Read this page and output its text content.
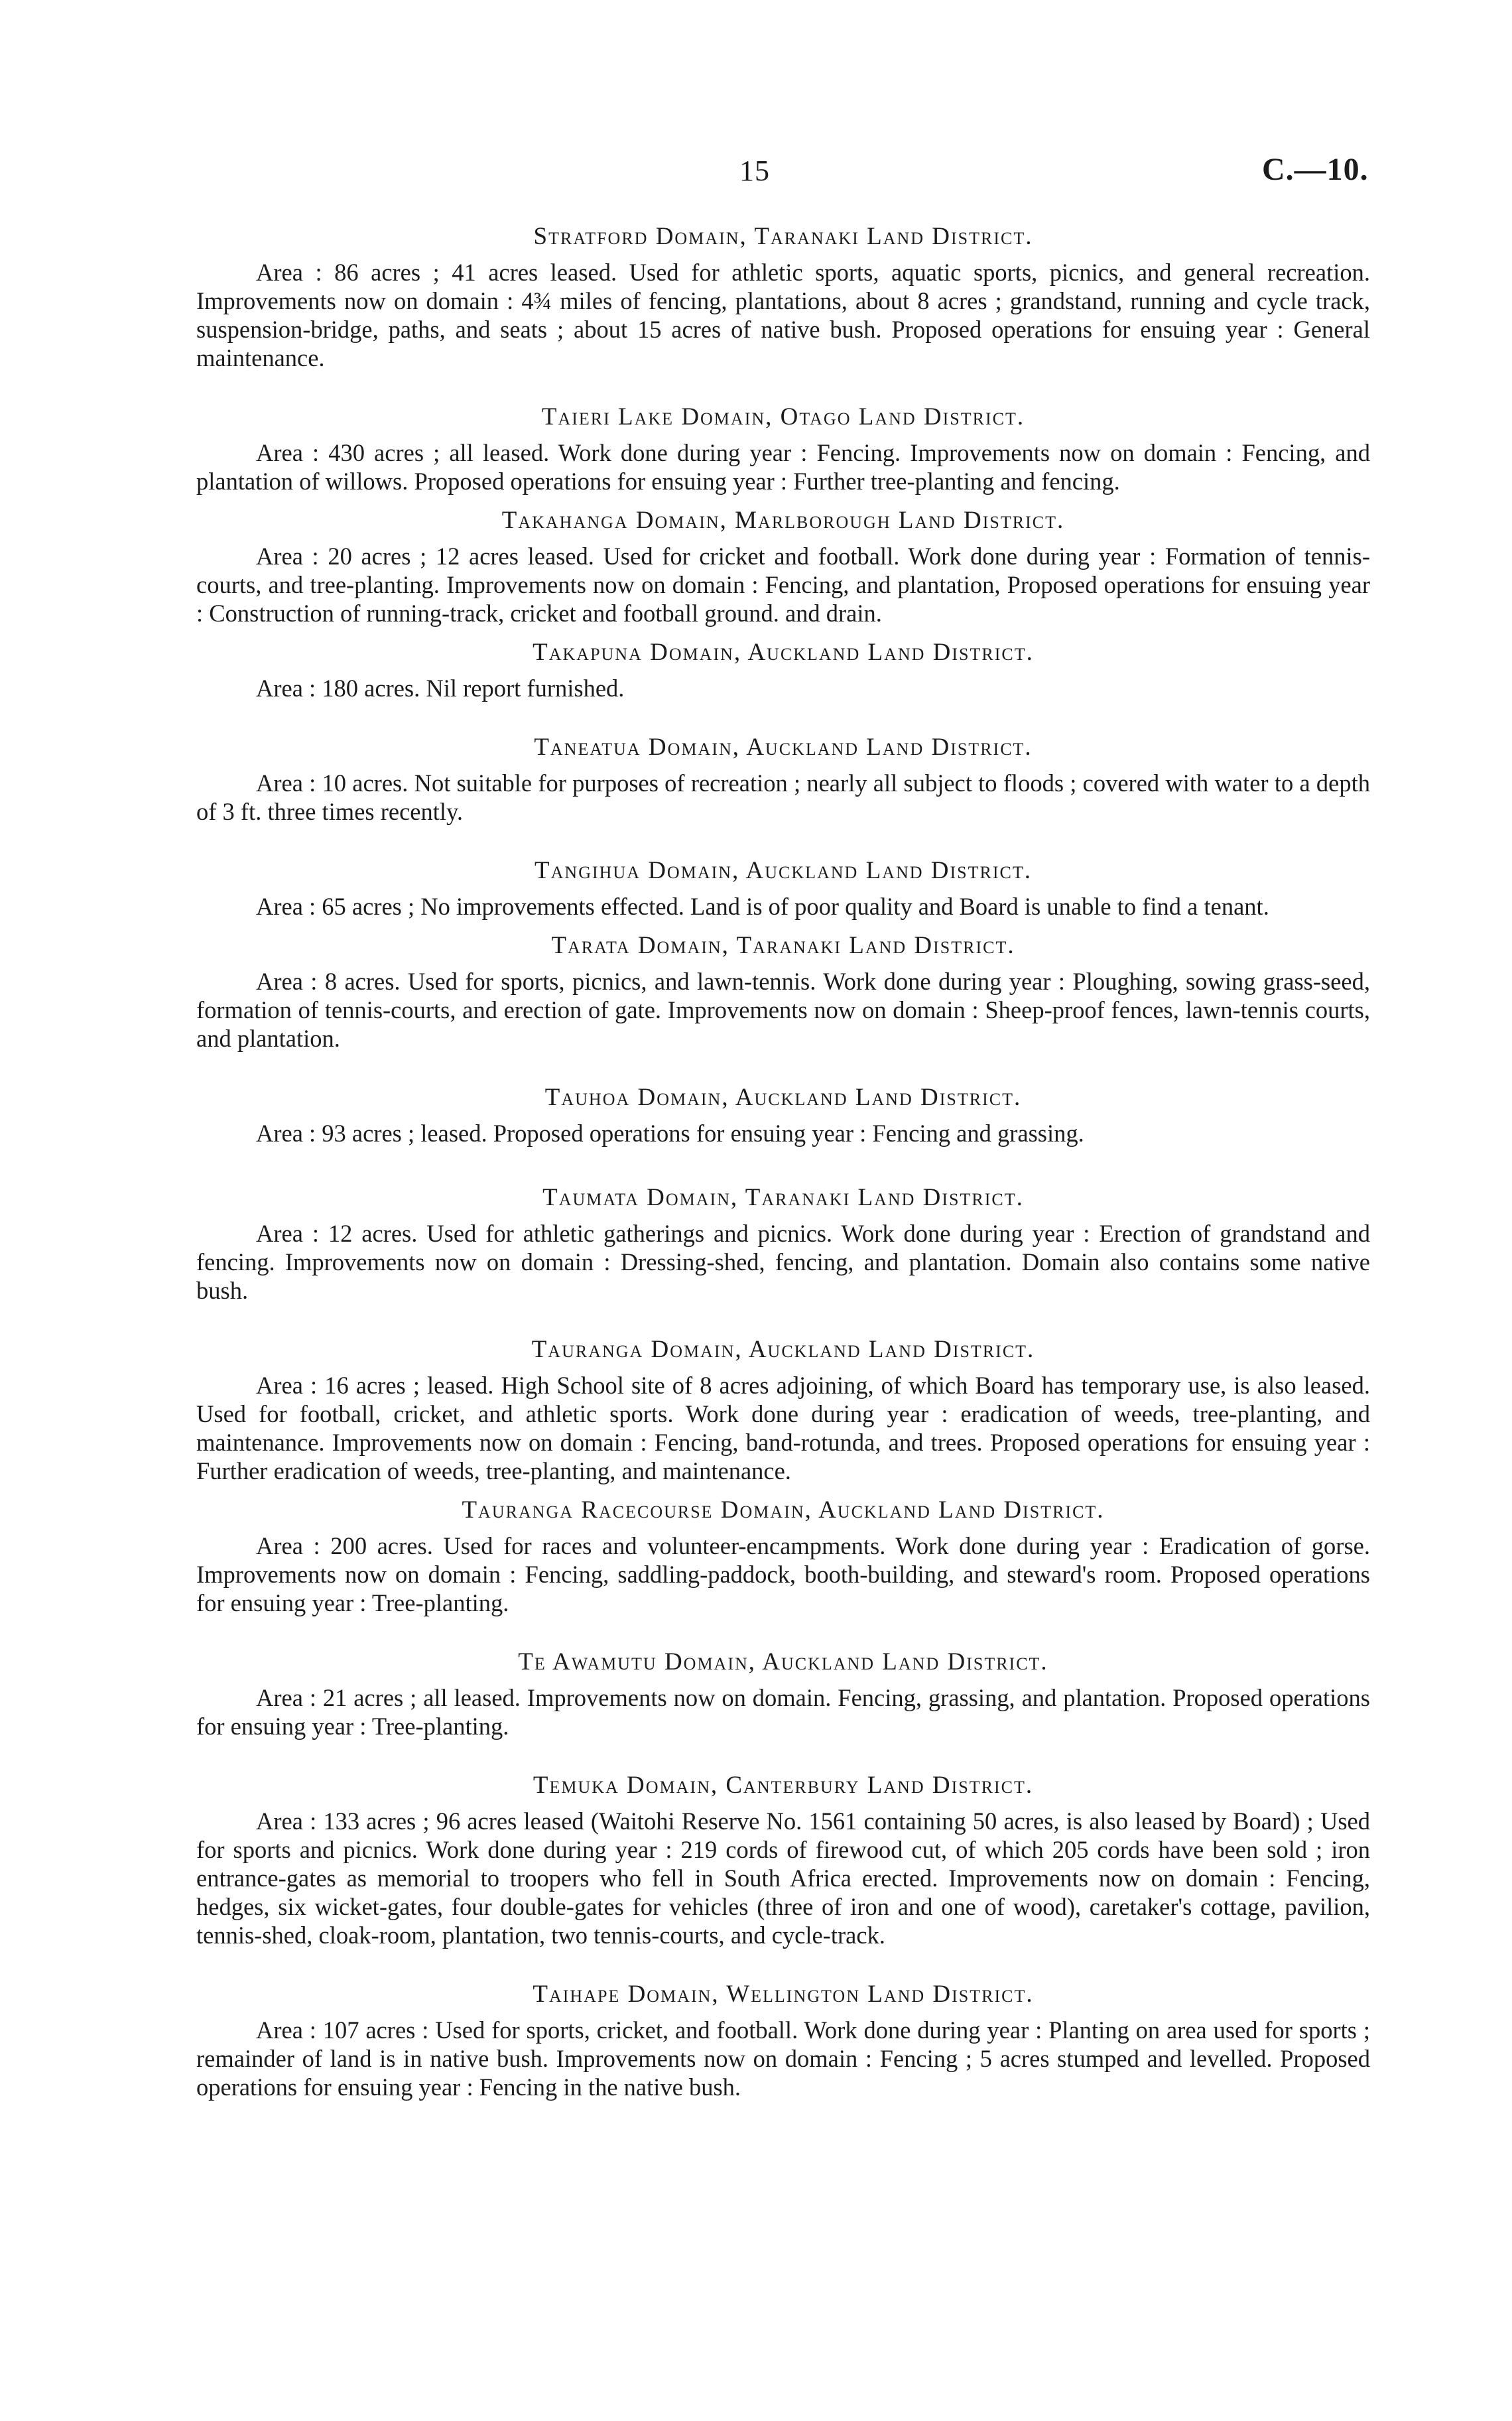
15	C.—10.
Stratford Domain, Taranaki Land District.

Area : 86 acres ; 41 acres leased. Used for athletic sports, aquatic sports, picnics, and general recreation. Improvements now on domain : 4¾ miles of fencing, plantations, about 8 acres ; grandstand, running and cycle track, suspension-bridge, paths, and seats ; about 15 acres of native bush. Proposed operations for ensuing year : General maintenance.

Taieri Lake Domain, Otago Land District.

Area : 430 acres ; all leased. Work done during year : Fencing. Improvements now on domain : Fencing, and plantation of willows. Proposed operations for ensuing year : Further tree-planting and fencing.

Takahanga Domain, Marlborough Land District.

Area : 20 acres ; 12 acres leased. Used for cricket and football. Work done during year : Formation of tennis-courts, and tree-planting. Improvements now on domain : Fencing, and plantation, Proposed operations for ensuing year : Construction of running-track, cricket and football ground. and drain.

Takapuna Domain, Auckland Land District.

Area : 180 acres. Nil report furnished.

Taneatua Domain, Auckland Land District.

Area : 10 acres. Not suitable for purposes of recreation ; nearly all subject to floods ; covered with water to a depth of 3 ft. three times recently.

Tangihua Domain, Auckland Land District.

Area : 65 acres ; No improvements effected. Land is of poor quality and Board is unable to find a tenant.

Tarata Domain, Taranaki Land District.

Area : 8 acres. Used for sports, picnics, and lawn-tennis. Work done during year : Ploughing, sowing grass-seed, formation of tennis-courts, and erection of gate. Improvements now on domain : Sheep-proof fences, lawn-tennis courts, and plantation.

Tauhoa Domain, Auckland Land District.

Area : 93 acres ; leased. Proposed operations for ensuing year : Fencing and grassing.

Taumata Domain, Taranaki Land District.

Area : 12 acres. Used for athletic gatherings and picnics. Work done during year : Erection of grandstand and fencing. Improvements now on domain : Dressing-shed, fencing, and plantation. Domain also contains some native bush.

Tauranga Domain, Auckland Land District.

Area : 16 acres ; leased. High School site of 8 acres adjoining, of which Board has temporary use, is also leased. Used for football, cricket, and athletic sports. Work done during year : eradication of weeds, tree-planting, and maintenance. Improvements now on domain : Fencing, band-rotunda, and trees. Proposed operations for ensuing year : Further eradication of weeds, tree-planting, and maintenance.

Tauranga Racecourse Domain, Auckland Land District.

Area : 200 acres. Used for races and volunteer-encampments. Work done during year : Eradication of gorse. Improvements now on domain : Fencing, saddling-paddock, booth-building, and steward's room. Proposed operations for ensuing year : Tree-planting.

Te Awamutu Domain, Auckland Land District.

Area : 21 acres ; all leased. Improvements now on domain. Fencing, grassing, and plantation. Proposed operations for ensuing year : Tree-planting.

Temuka Domain, Canterbury Land District.

Area : 133 acres ; 96 acres leased (Waitohi Reserve No. 1561 containing 50 acres, is also leased by Board) ; Used for sports and picnics. Work done during year : 219 cords of firewood cut, of which 205 cords have been sold ; iron entrance-gates as memorial to troopers who fell in South Africa erected. Improvements now on domain : Fencing, hedges, six wicket-gates, four double-gates for vehicles (three of iron and one of wood), caretaker's cottage, pavilion, tennis-shed, cloak-room, plantation, two tennis-courts, and cycle-track.

Taihape Domain, Wellington Land District.

Area : 107 acres : Used for sports, cricket, and football. Work done during year : Planting on area used for sports ; remainder of land is in native bush. Improvements now on domain : Fencing ; 5 acres stumped and levelled. Proposed operations for ensuing year : Fencing in the native bush.
